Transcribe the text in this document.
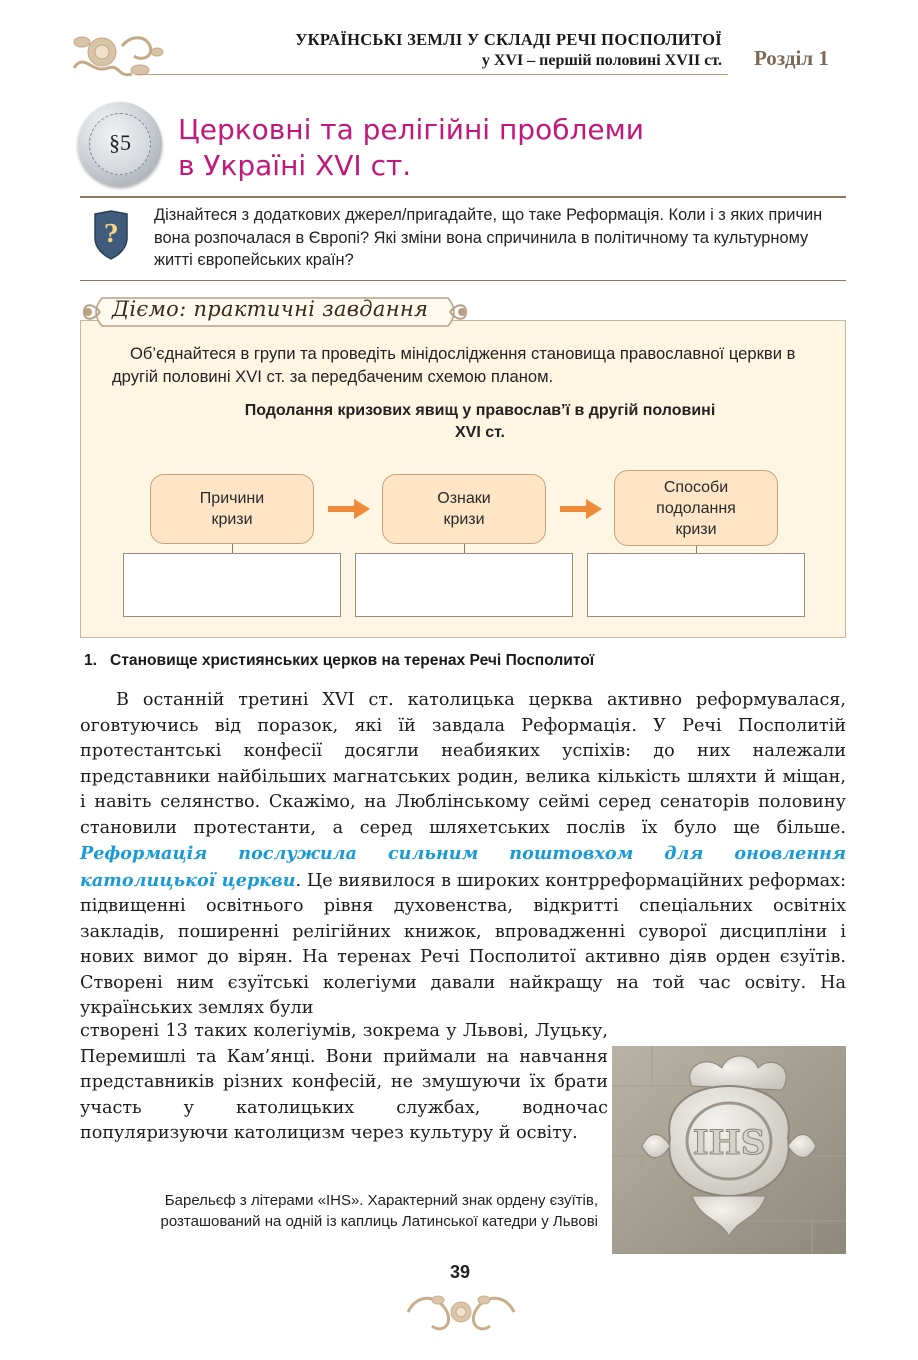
УКРАЇНСЬКІ ЗЕМЛІ У СКЛАДІ РЕЧІ ПОСПОЛИТОЇ
у XVI – першій половині XVII ст. Розділ 1
§5	Церковні та релігійні проблеми
в Україні XVI ст.
?
Дізнайтеся з додаткових джерел/пригадайте, що таке Реформація. Коли і з яких причин вона розпочалася в Європі? Які зміни вона спричинила в політичному та культурному житті європейських країн?
Діємо: практичні завдання
Об’єднайтеся в групи та проведіть мінідослідження становища православної церкви в другій половині XVI ст. за передбаченим схемою планом.
Подолання кризових явищ у православ’ї в другій половині XVI ст.
Причини
кризи
Ознаки
кризи
Способи
подолання
кризи
1.   Становище християнських церков на теренах Речі Посполитої
В останній третині XVI ст. католицька церква активно реформувалася, оговтуючись від поразок, які їй завдала Реформація. У Речі Посполитій протестантські конфесії досягли неабияких успіхів: до них належали представники найбільших магнатських родин, велика кількість шляхти й міщан, і навіть селянство. Скажімо, на Люблінському сеймі серед сенаторів половину становили протестанти, а серед шляхетських послів їх було ще більше. Реформація послужила сильним поштовхом для оновлення католицької церкви. Це виявилося в широких контрреформаційних реформах: підвищенні освітнього рівня духовенства, відкритті спеціальних освітніх закладів, поширенні релігійних книжок, впровадженні суворої дисципліни і нових вимог до вірян. На теренах Речі Посполитої активно діяв орден єзуїтів. Створені ним єзуїтські колегіуми давали найкращу на той час освіту. На українських землях були
створені 13 таких колегіумів, зокрема у Львові, Луцьку, Перемишлі та Кам’янці. Вони приймали на навчання представників різних конфесій, не змушуючи їх брати участь у католицьких службах, водночас популяризуючи католицизм через культуру й освіту.	IHS
Барельєф з літерами «IHS». Характерний знак ордену єзуїтів, розташований на одній із каплиць Латинської катедри у Львові
39
